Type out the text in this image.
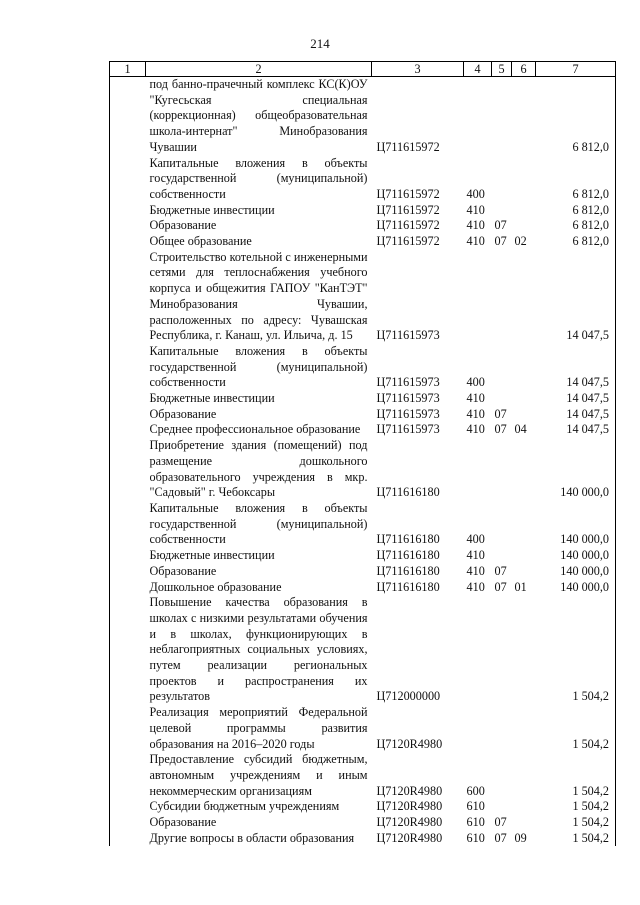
214
1	2	3	4	5	6	7
	под банно-прачечный комплекс КС(К)ОУ "Кугесьская специальная (коррекционная) общеобразовательная школа-интернат" Минобразования Чувашии	Ц711615972				6 812,0
	Капитальные вложения в объекты государственной (муниципальной) собственности	Ц711615972	400			6 812,0
	Бюджетные инвестиции	Ц711615972	410			6 812,0
	Образование	Ц711615972	410	07		6 812,0
	Общее образование	Ц711615972	410	07	02	6 812,0
	Строительство котельной с инженерными сетями для теплоснабжения учебного корпуса и общежития ГАПОУ "КанТЭТ" Минобразования Чувашии, расположенных по адресу: Чувашская Республика, г. Канаш, ул. Ильича, д. 15	Ц711615973				14 047,5
	Капитальные вложения в объекты государственной (муниципальной) собственности	Ц711615973	400			14 047,5
	Бюджетные инвестиции	Ц711615973	410			14 047,5
	Образование	Ц711615973	410	07		14 047,5
	Среднее профессиональное образование	Ц711615973	410	07	04	14 047,5
	Приобретение здания (помещений) под размещение дошкольного образовательного учреждения в мкр. "Садовый" г. Чебоксары	Ц711616180				140 000,0
	Капитальные вложения в объекты государственной (муниципальной) собственности	Ц711616180	400			140 000,0
	Бюджетные инвестиции	Ц711616180	410			140 000,0
	Образование	Ц711616180	410	07		140 000,0
	Дошкольное образование	Ц711616180	410	07	01	140 000,0
	Повышение качества образования в школах с низкими результатами обучения и в школах, функционирующих в неблагоприятных социальных условиях, путем реализации региональных проектов и распространения их результатов	Ц712000000				1 504,2
	Реализация мероприятий Федеральной целевой программы развития образования на 2016–2020 годы	Ц7120R4980				1 504,2
	Предоставление субсидий бюджетным, автономным учреждениям и иным некоммерческим организациям	Ц7120R4980	600			1 504,2
	Субсидии бюджетным учреждениям	Ц7120R4980	610			1 504,2
	Образование	Ц7120R4980	610	07		1 504,2
	Другие вопросы в области образования	Ц7120R4980	610	07	09	1 504,2
